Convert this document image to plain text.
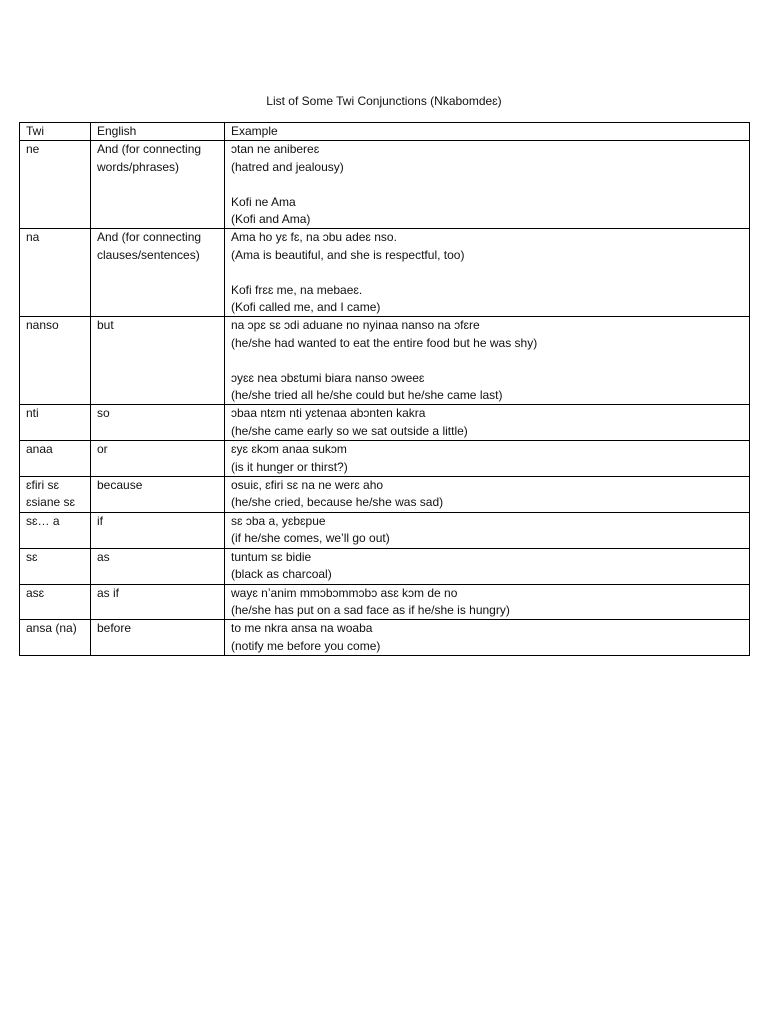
List of Some Twi Conjunctions (Nkabomdeɛ)
Twi	English	Example

ne	And (for connecting
words/phrases)	ɔtan ne anibereɛ
(hatred and jealousy)
Kofi ne Ama
(Kofi and Ama)

na	And (for connecting
clauses/sentences)	Ama ho yɛ fɛ, na ɔbu adeɛ nso.
(Ama is beautiful, and she is respectful, too)
Kofi frɛɛ me, na mebaeɛ.
(Kofi called me, and I came)

nanso	but	na ɔpɛ sɛ ɔdi aduane no nyinaa nanso na ɔfɛre
(he/she had wanted to eat the entire food but he was shy)
ɔyɛɛ nea ɔbɛtumi biara nanso ɔweeɛ
(he/she tried all he/she could but he/she came last)

nti	so	ɔbaa ntɛm nti yɛtenaa abɔnten kakra
(he/she came early so we sat outside a little)

anaa	or	ɛyɛ ɛkɔm anaa sukɔm
(is it hunger or thirst?)

ɛfiri sɛ
ɛsiane sɛ	because	osuiɛ, ɛfiri sɛ na ne werɛ aho
(he/she cried, because he/she was sad)

sɛ… a	if	sɛ ɔba a, yɛbɛpue
(if he/she comes, we’ll go out)

sɛ	as	tuntum sɛ bidie
(black as charcoal)

asɛ	as if	wayɛ n’anim mmɔbɔmmɔbɔ asɛ kɔm de no
(he/she has put on a sad face as if he/she is hungry)

ansa (na)	before	to me nkra ansa na woaba
(notify me before you come)
